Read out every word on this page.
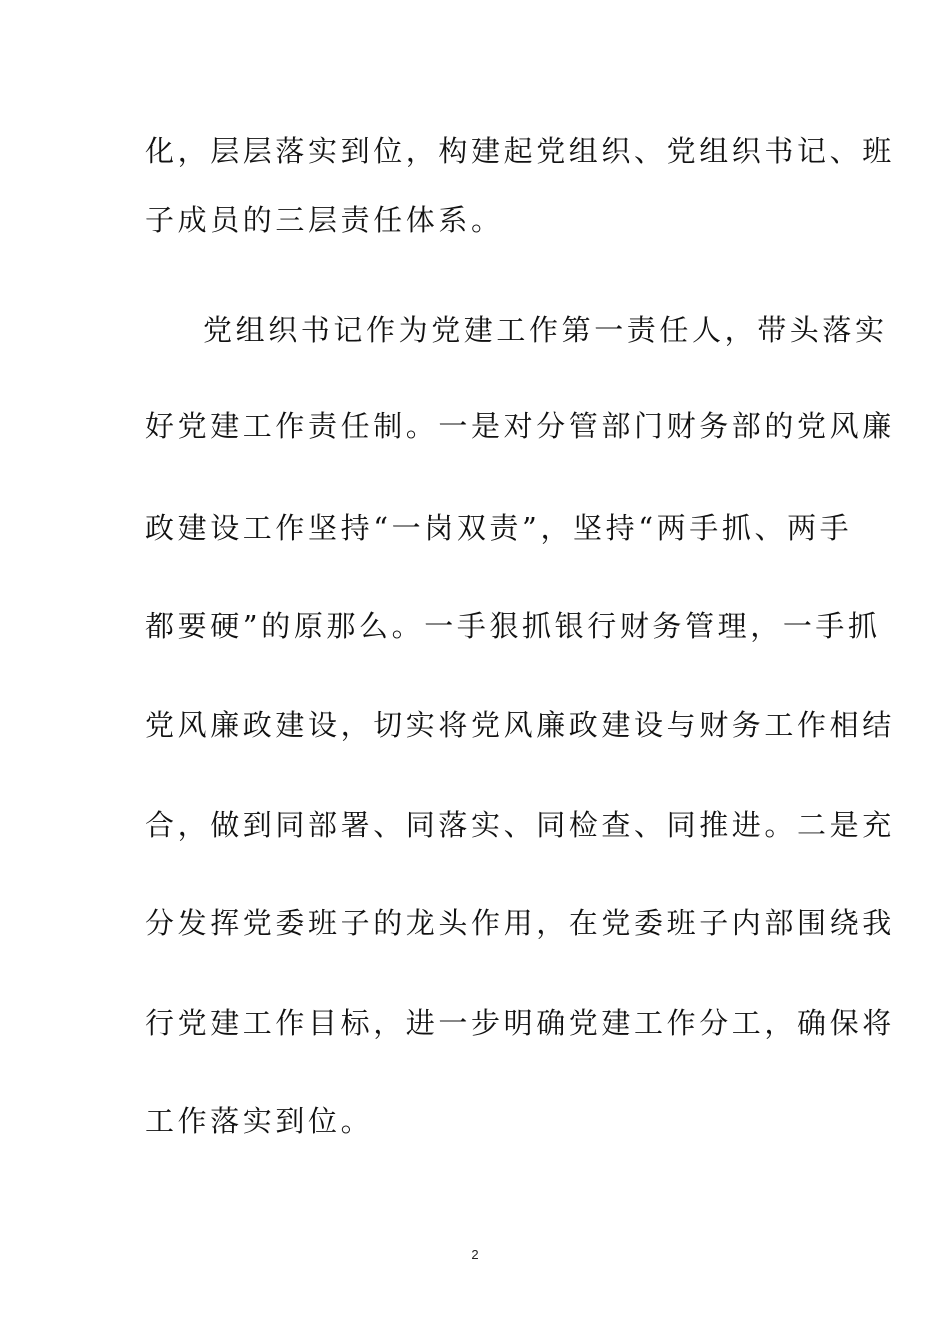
化，层层落实到位，构建起党组织、党组织书记、班
子成员的三层责任体系。
党组织书记作为党建工作第一责任人，带头落实
好党建工作责任制。一是对分管部门财务部的党风廉
政建设工作坚持“一岗双责”，坚持“两手抓、两手
都要硬”的原那么。一手狠抓银行财务管理，一手抓
党风廉政建设，切实将党风廉政建设与财务工作相结
合，做到同部署、同落实、同检查、同推进。二是充
分发挥党委班子的龙头作用，在党委班子内部围绕我
行党建工作目标，进一步明确党建工作分工，确保将
工作落实到位。
2
